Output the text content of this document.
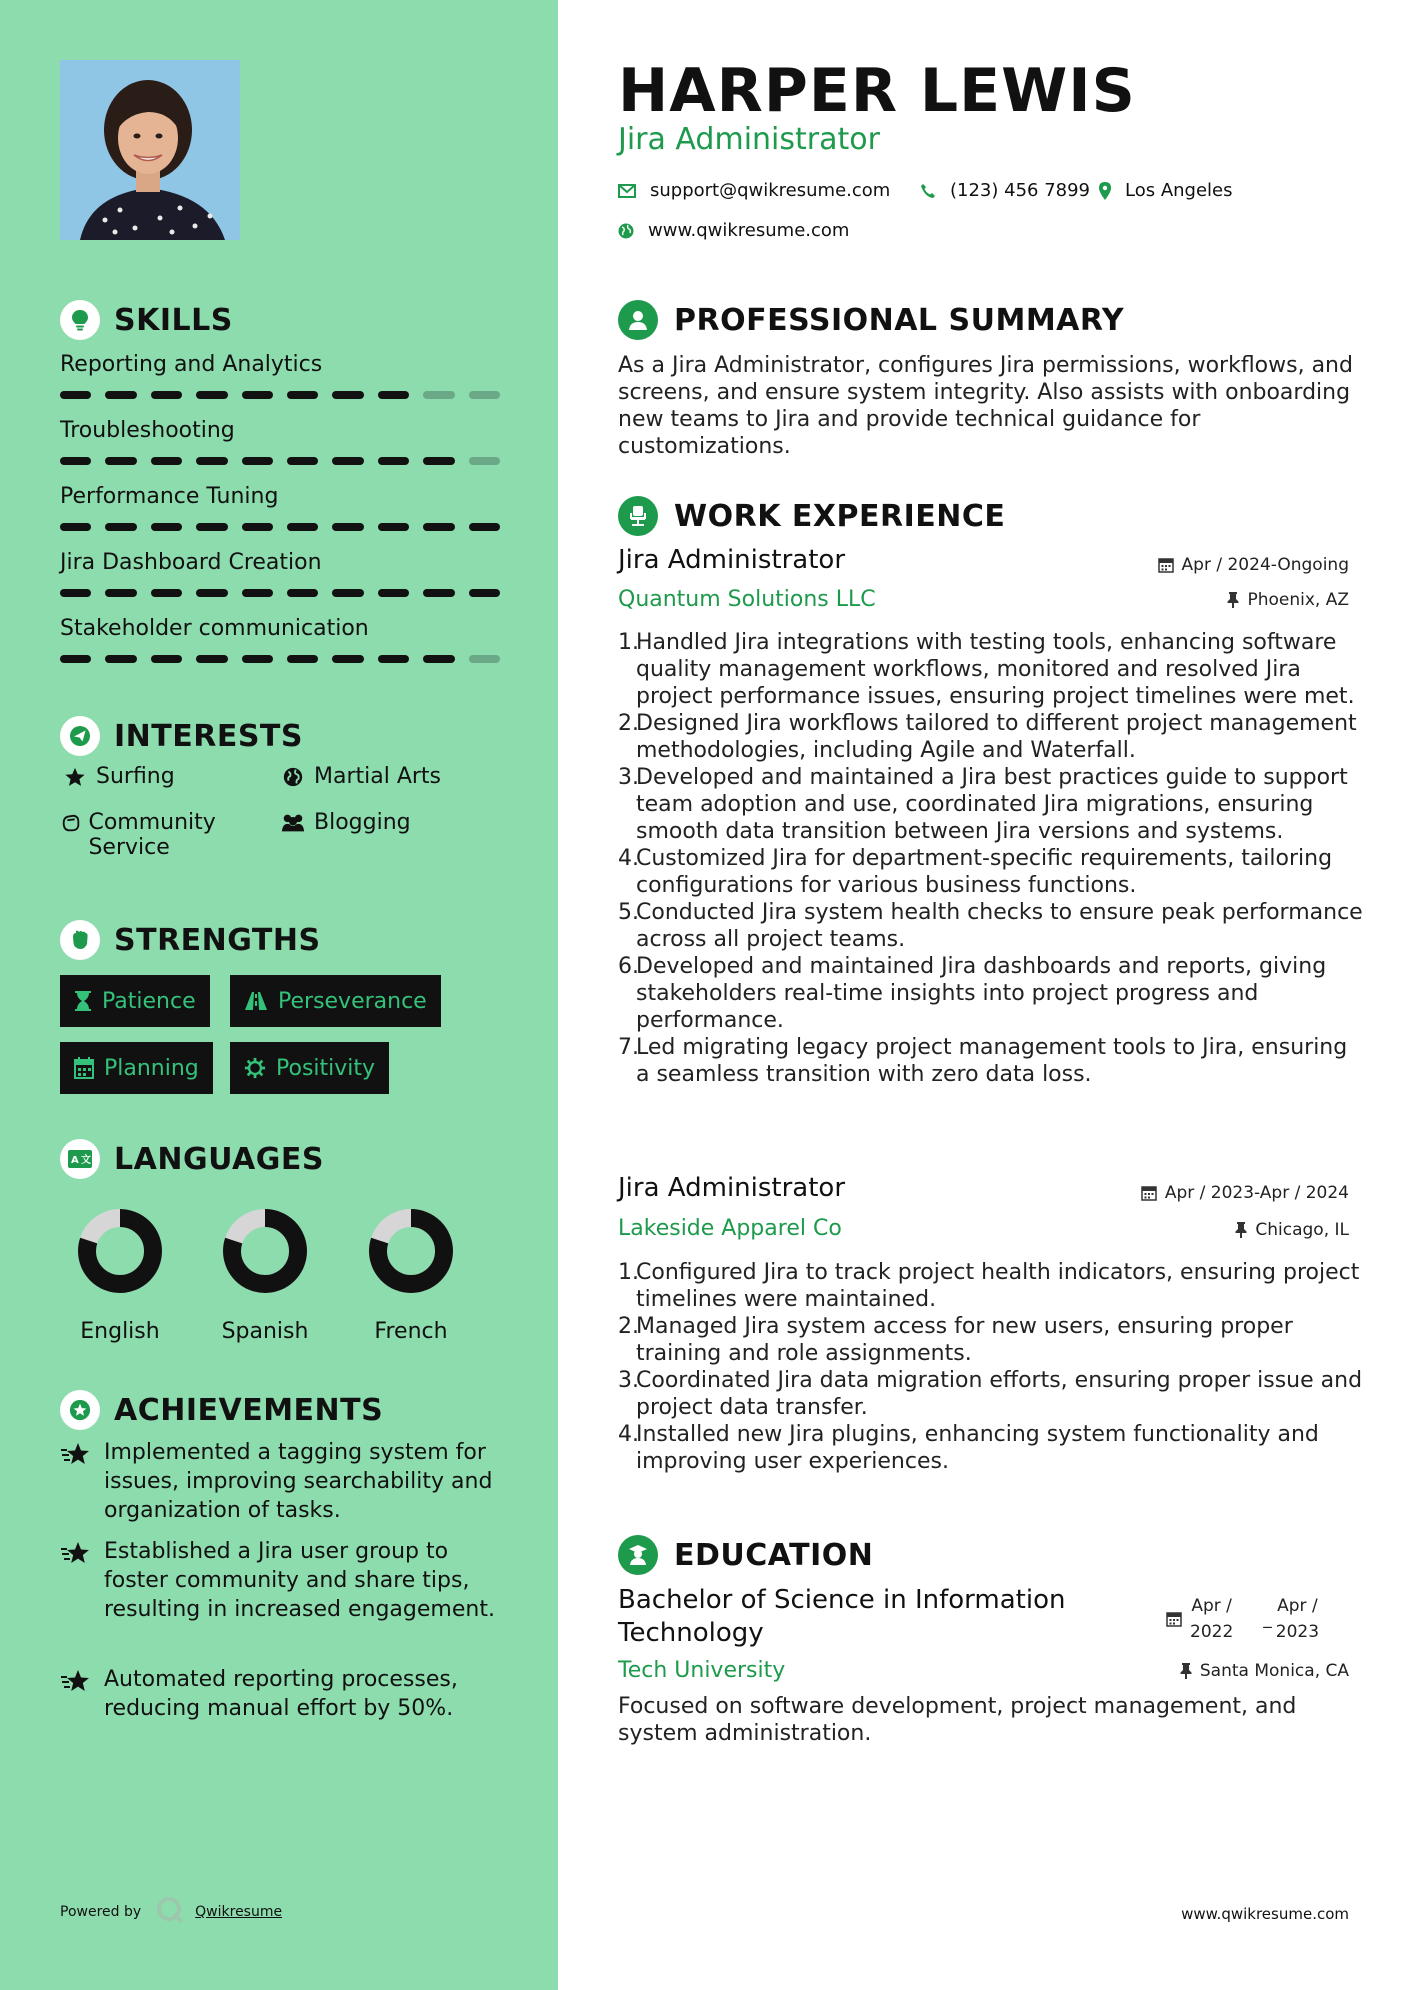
SKILLS
Reporting and Analytics
Troubleshooting
Performance Tuning
Jira Dashboard Creation
Stakeholder communication
INTERESTS
Surfing	Martial Arts
Community Service
Blogging
STRENGTHS
Patience	Perseverance
Planning	Positivity
A 文 LANGUAGES
English	Spanish	French
ACHIEVEMENTS
Implemented a tagging system for issues, improving searchability and organization of tasks.
Established a Jira user group to foster community and share tips, resulting in increased engagement.
Automated reporting processes, reducing manual effort by 50%.
Powered by	Qwikresume
HARPER LEWIS
Jira Administrator
support@qwikresume.com	(123) 456 7899 Los Angeles
www.qwikresume.com
PROFESSIONAL SUMMARY
As a Jira Administrator, configures Jira permissions, workflows, and screens, and ensure system integrity. Also assists with onboarding new teams to Jira and provide technical guidance for customizations.
WORK EXPERIENCE
Jira Administrator	Apr / 2024-Ongoing
Quantum Solutions LLC	Phoenix, AZ
1.
Handled Jira integrations with testing tools, enhancing software quality management workflows, monitored and resolved Jira project performance issues, ensuring project timelines were met.
2.
Designed Jira workflows tailored to different project management methodologies, including Agile and Waterfall.
3.
Developed and maintained a Jira best practices guide to support team adoption and use, coordinated Jira migrations, ensuring smooth data transition between Jira versions and systems.
4.
Customized Jira for department-specific requirements, tailoring configurations for various business functions.
5.
Conducted Jira system health checks to ensure peak performance across all project teams.
6.
Developed and maintained Jira dashboards and reports, giving stakeholders real-time insights into project progress and performance.
7.
Led migrating legacy project management tools to Jira, ensuring a seamless transition with zero data loss.
Jira Administrator	Apr / 2023-Apr / 2024
Lakeside Apparel Co	Chicago, IL
1.
Configured Jira to track project health indicators, ensuring project timelines were maintained.
2.
Managed Jira system access for new users, ensuring proper training and role assignments.
3.
Coordinated Jira data migration efforts, ensuring proper issue and project data transfer.
4.
Installed new Jira plugins, enhancing system functionality and improving user experiences.
EDUCATION
Bachelor of Science in Information Technology
Apr /
2022
_
Apr /
2023
Tech University	Santa Monica, CA
Focused on software development, project management, and system administration.
www.qwikresume.com
